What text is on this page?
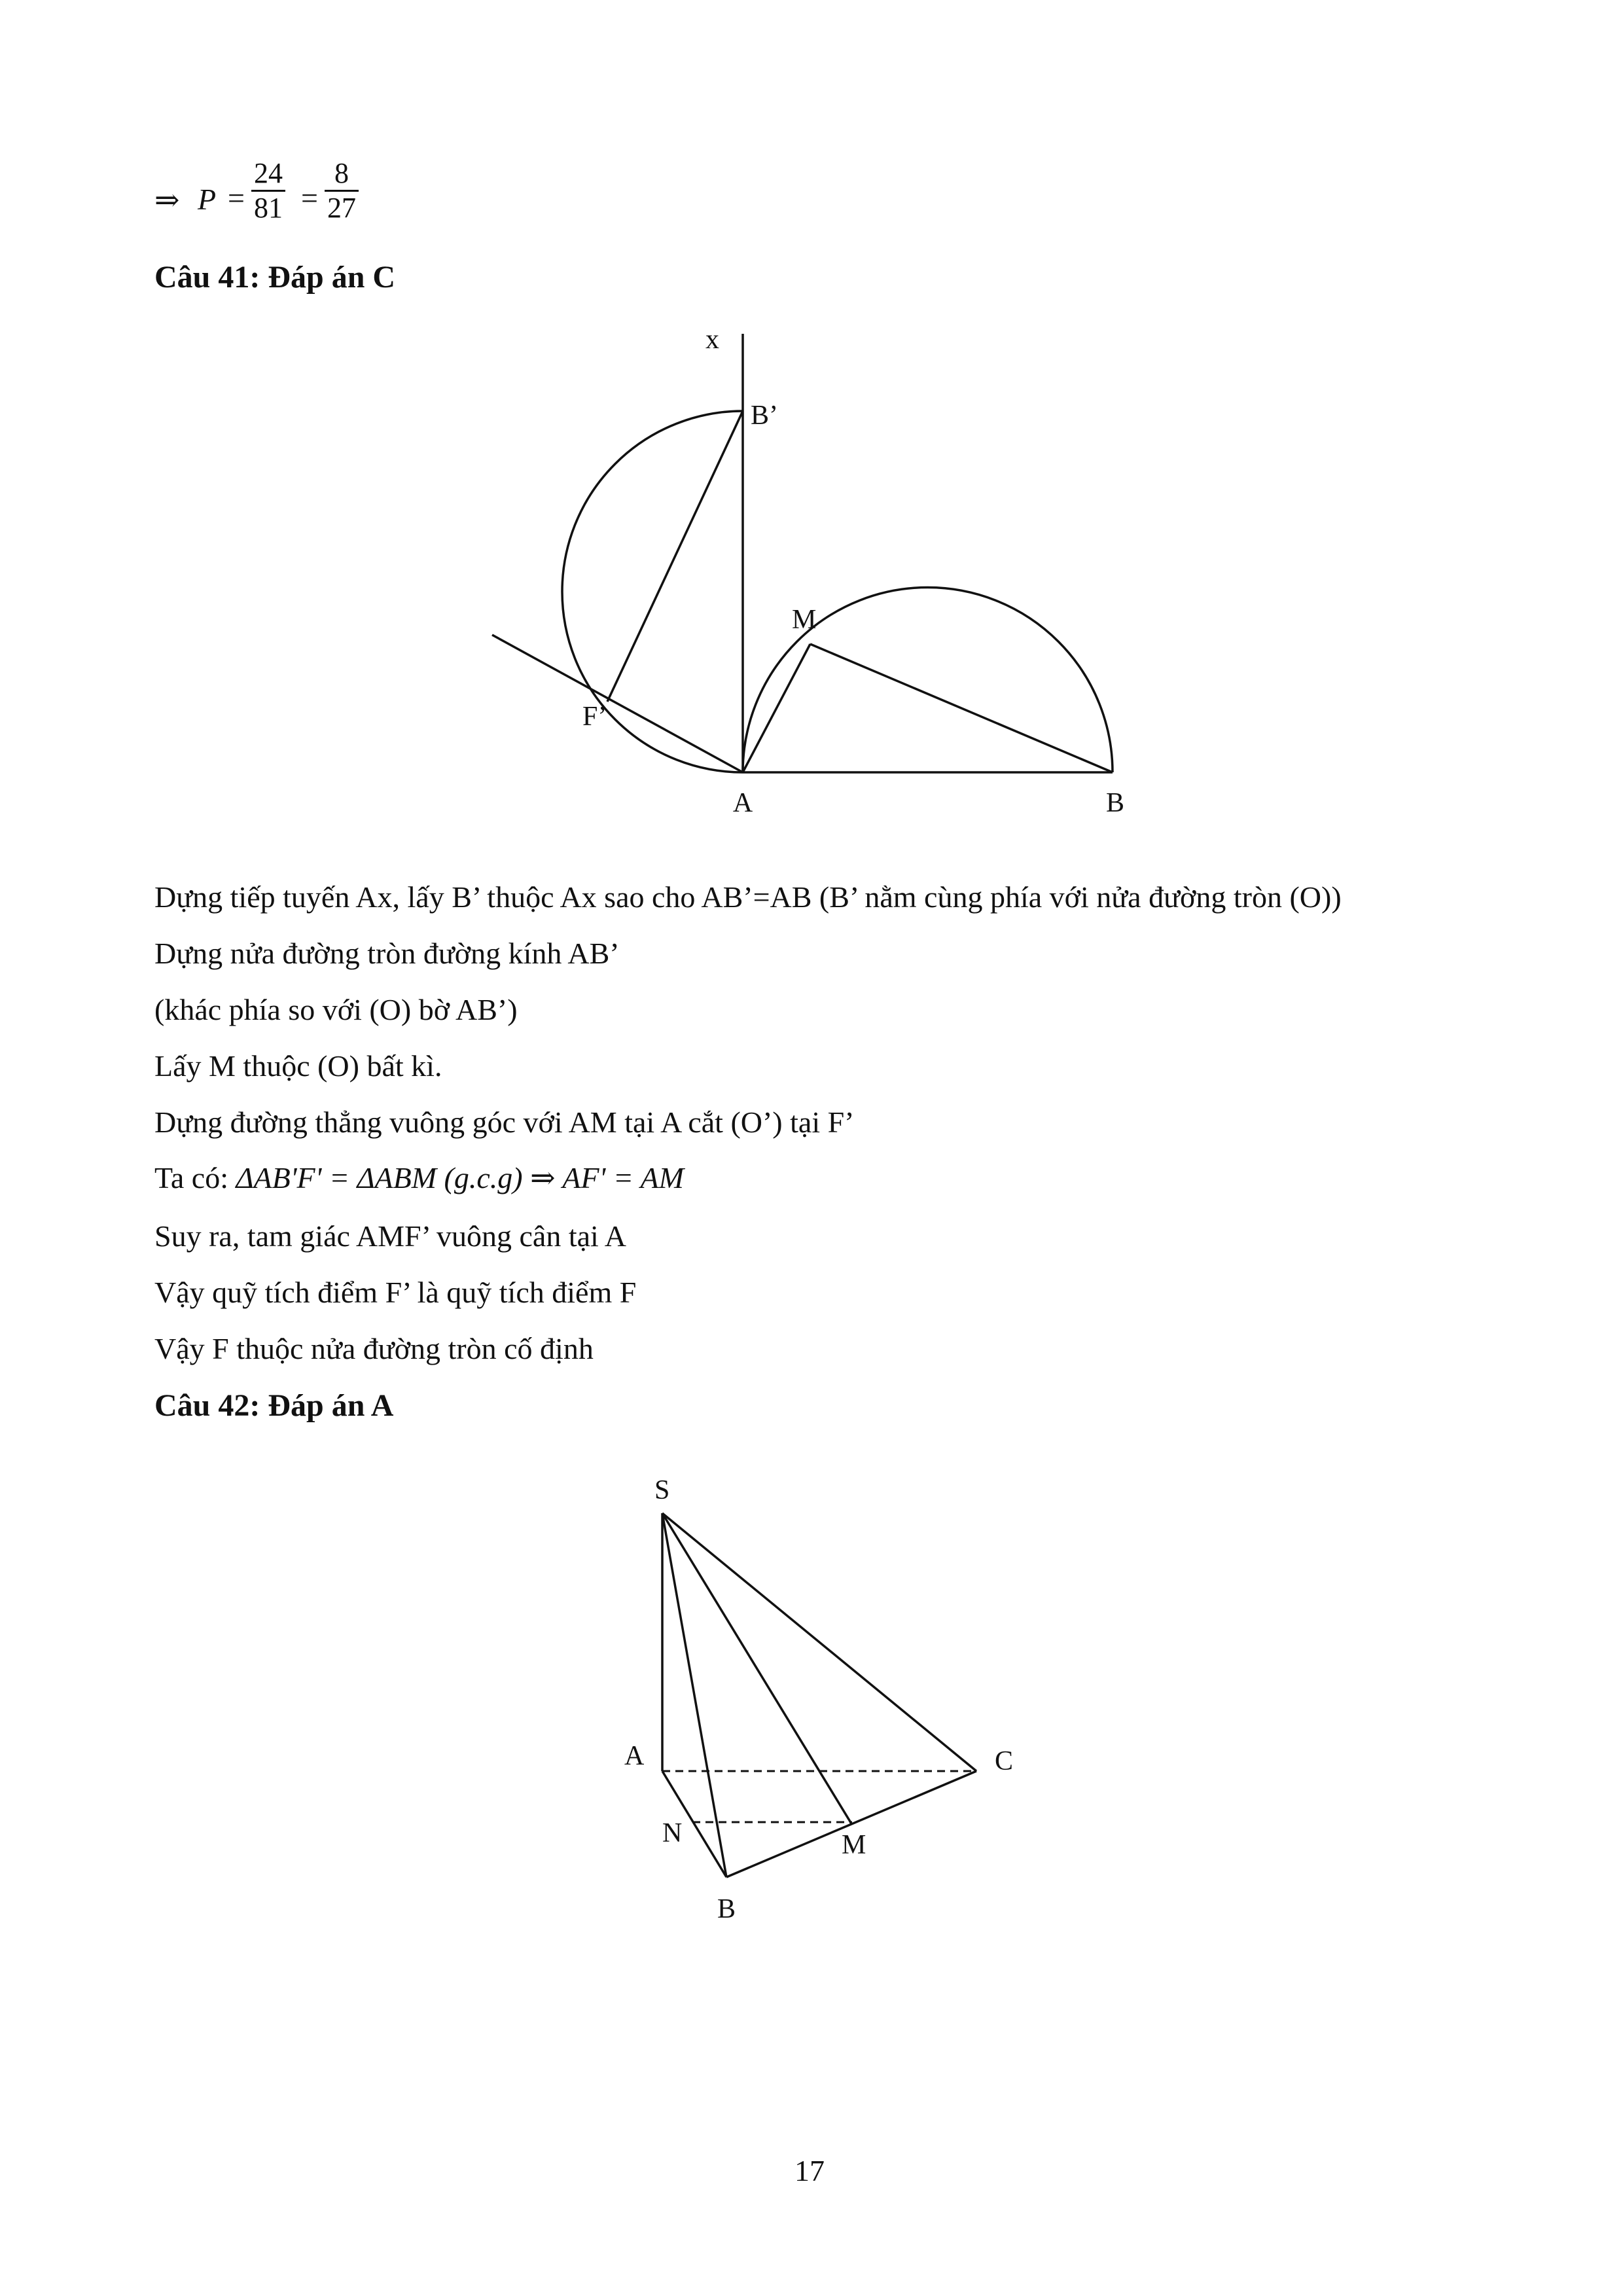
⇒ P =
24
81 =
8
27
Câu 41: Đáp án C
x
B’
M
F’
A	B
Dựng tiếp tuyến Ax, lấy B’ thuộc Ax sao cho AB’=AB (B’ nằm cùng phía với nửa đường tròn (O))
Dựng nửa đường tròn đường kính AB’
(khác phía so với (O) bờ AB’)
Lấy M thuộc (O) bất kì.
Dựng đường thẳng vuông góc với AM tại A cắt (O’) tại F’
Ta có: ΔAB'F' = ΔABM (g.c.g) ⇒ AF' = AM
Suy ra, tam giác AMF’ vuông cân tại A
Vậy quỹ tích điểm F’ là quỹ tích điểm F
Vậy F thuộc nửa đường tròn cố định
Câu 42: Đáp án A
S
A	C
N	M
B
17
